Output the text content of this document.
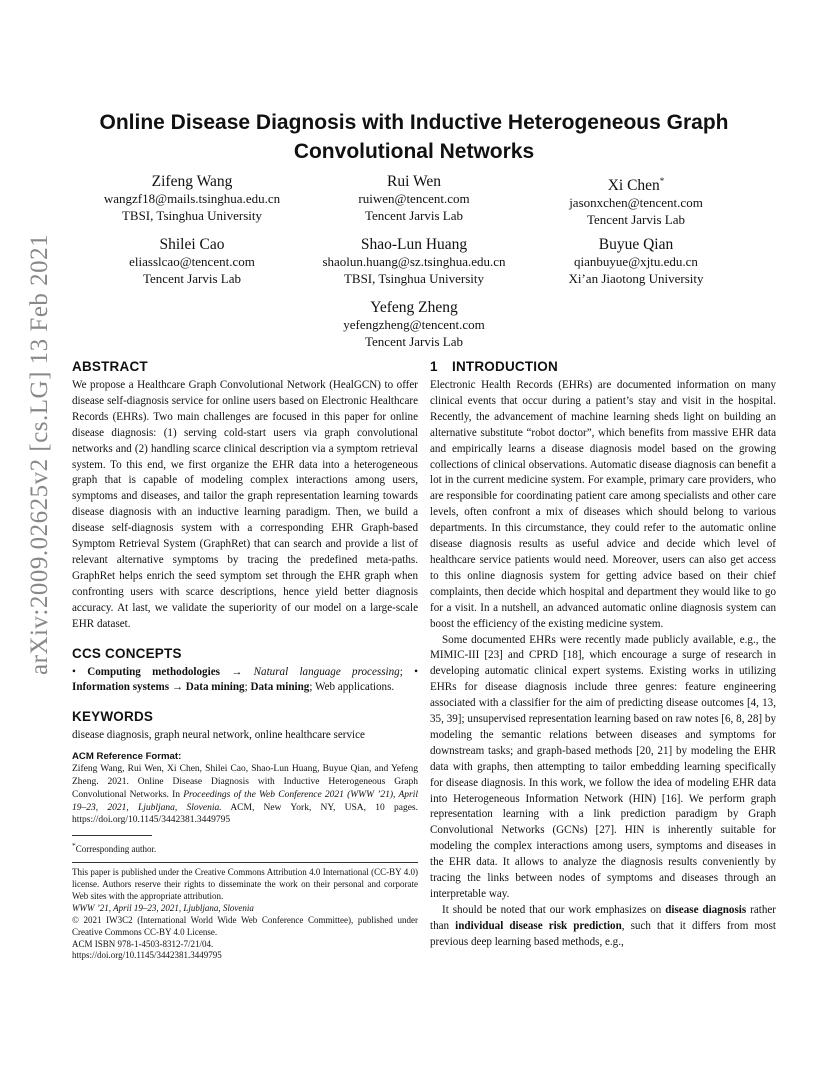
arXiv:2009.02625v2 [cs.LG] 13 Feb 2021
Online Disease Diagnosis with Inductive Heterogeneous Graph Convolutional Networks
Zifeng Wang
wangzf18@mails.tsinghua.edu.cn
TBSI, Tsinghua University
Rui Wen
ruiwen@tencent.com
Tencent Jarvis Lab
Xi Chen*
jasonxchen@tencent.com
Tencent Jarvis Lab
Shilei Cao
eliasslcao@tencent.com
Tencent Jarvis Lab
Shao-Lun Huang
shaolun.huang@sz.tsinghua.edu.cn
TBSI, Tsinghua University
Buyue Qian
qianbuyue@xjtu.edu.cn
Xi’an Jiaotong University
Yefeng Zheng
yefengzheng@tencent.com
Tencent Jarvis Lab
ABSTRACT

We propose a Healthcare Graph Convolutional Network (HealGCN) to offer disease self-diagnosis service for online users based on Electronic Healthcare Records (EHRs). Two main challenges are focused in this paper for online disease diagnosis: (1) serving cold-start users via graph convolutional networks and (2) handling scarce clinical description via a symptom retrieval system. To this end, we first organize the EHR data into a heterogeneous graph that is capable of modeling complex interactions among users, symptoms and diseases, and tailor the graph representation learning towards disease diagnosis with an inductive learning paradigm. Then, we build a disease self-diagnosis system with a corresponding EHR Graph-based Symptom Retrieval System (GraphRet) that can search and provide a list of relevant alternative symptoms by tracing the predefined meta-paths. GraphRet helps enrich the seed symptom set through the EHR graph when confronting users with scarce descriptions, hence yield better diagnosis accuracy. At last, we validate the superiority of our model on a large-scale EHR dataset.

CCS CONCEPTS

• Computing methodologies → Natural language processing; • Information systems → Data mining; Data mining; Web applications.

KEYWORDS

disease diagnosis, graph neural network, online healthcare service

ACM Reference Format:

Zifeng Wang, Rui Wen, Xi Chen, Shilei Cao, Shao-Lun Huang, Buyue Qian, and Yefeng Zheng. 2021. Online Disease Diagnosis with Inductive Heterogeneous Graph Convolutional Networks. In Proceedings of the Web Conference 2021 (WWW ’21), April 19–23, 2021, Ljubljana, Slovenia. ACM, New York, NY, USA, 10 pages. https://doi.org/10.1145/3442381.3449795

*Corresponding author.

This paper is published under the Creative Commons Attribution 4.0 International (CC-BY 4.0) license. Authors reserve their rights to disseminate the work on their personal and corporate Web sites with the appropriate attribution.

WWW ’21, April 19–23, 2021, Ljubljana, Slovenia

© 2021 IW3C2 (International World Wide Web Conference Committee), published under Creative Commons CC-BY 4.0 License.

ACM ISBN 978-1-4503-8312-7/21/04.

https://doi.org/10.1145/3442381.3449795

1 INTRODUCTION

Electronic Health Records (EHRs) are documented information on many clinical events that occur during a patient’s stay and visit in the hospital. Recently, the advancement of machine learning sheds light on building an alternative substitute “robot doctor”, which benefits from massive EHR data and empirically learns a disease diagnosis model based on the growing collections of clinical observations. Automatic disease diagnosis can benefit a lot in the current medicine system. For example, primary care providers, who are responsible for coordinating patient care among specialists and other care levels, often confront a mix of diseases which should belong to various departments. In this circumstance, they could refer to the automatic online disease diagnosis results as useful advice and decide which level of healthcare service patients would need. Moreover, users can also get access to this online diagnosis system for getting advice based on their chief complaints, then decide which hospital and department they would like to go for a visit. In a nutshell, an advanced automatic online diagnosis system can boost the efficiency of the existing medicine system.

Some documented EHRs were recently made publicly available, e.g., the MIMIC-III [23] and CPRD [18], which encourage a surge of research in developing automatic clinical expert systems. Existing works in utilizing EHRs for disease diagnosis include three genres: feature engineering associated with a classifier for the aim of predicting disease outcomes [4, 13, 35, 39]; unsupervised representation learning based on raw notes [6, 8, 28] by modeling the semantic relations between diseases and symptoms for downstream tasks; and graph-based methods [20, 21] by modeling the EHR data with graphs, then attempting to tailor embedding learning specifically for disease diagnosis. In this work, we follow the idea of modeling EHR data into Heterogeneous Information Network (HIN) [16]. We perform graph representation learning with a link prediction paradigm by Graph Convolutional Networks (GCNs) [27]. HIN is inherently suitable for modeling the complex interactions among users, symptoms and diseases in the EHR data. It allows to analyze the diagnosis results conveniently by tracing the links between nodes of symptoms and diseases through an interpretable way.

It should be noted that our work emphasizes on disease diagnosis rather than individual disease risk prediction, such that it differs from most previous deep learning based methods, e.g.,
